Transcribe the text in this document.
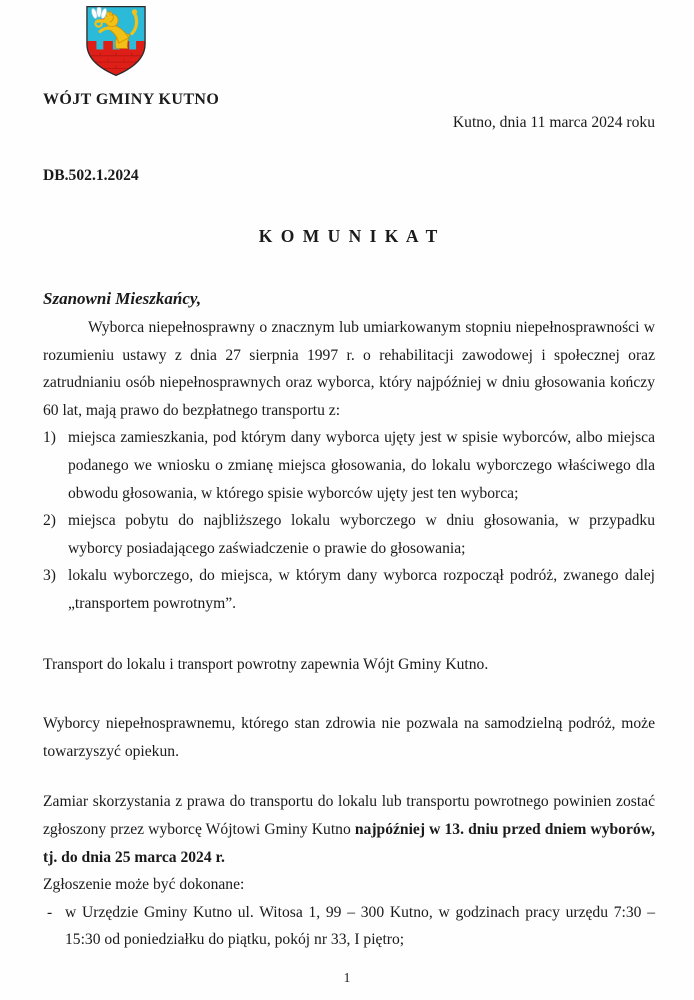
WÓJT GMINY KUTNO
Kutno, dnia 11 marca 2024 roku
DB.502.1.2024
K O M U N I K A T
Szanowni Mieszkańcy,

Wyborca niepełnosprawny o znacznym lub umiarkowanym stopniu niepełnosprawności w rozumieniu ustawy z dnia 27 sierpnia 1997 r. o rehabilitacji zawodowej i społecznej oraz zatrudnianiu osób niepełnosprawnych oraz wyborca, który najpóźniej w dniu głosowania kończy 60 lat, mają prawo do bezpłatnego transportu z:

1) miejsca zamieszkania, pod którym dany wyborca ujęty jest w spisie wyborców, albo miejsca podanego we wniosku o zmianę miejsca głosowania, do lokalu wyborczego właściwego dla obwodu głosowania, w którego spisie wyborców ujęty jest ten wyborca;
2) miejsca pobytu do najbliższego lokalu wyborczego w dniu głosowania, w przypadku wyborcy posiadającego zaświadczenie o prawie do głosowania;
3) lokalu wyborczego, do miejsca, w którym dany wyborca rozpoczął podróż, zwanego dalej „transportem powrotnym”.

Transport do lokalu i transport powrotny zapewnia Wójt Gminy Kutno.

Wyborcy niepełnosprawnemu, którego stan zdrowia nie pozwala na samodzielną podróż, może towarzyszyć opiekun.

Zamiar skorzystania z prawa do transportu do lokalu lub transportu powrotnego powinien zostać zgłoszony przez wyborcę Wójtowi Gminy Kutno najpóźniej w 13. dniu przed dniem wyborów, tj. do dnia 25 marca 2024 r.

Zgłoszenie może być dokonane:
- w Urzędzie Gminy Kutno ul. Witosa 1, 99 – 300 Kutno, w godzinach pracy urzędu 7:30 – 15:30 od poniedziałku do piątku, pokój nr 33, I piętro;
1
